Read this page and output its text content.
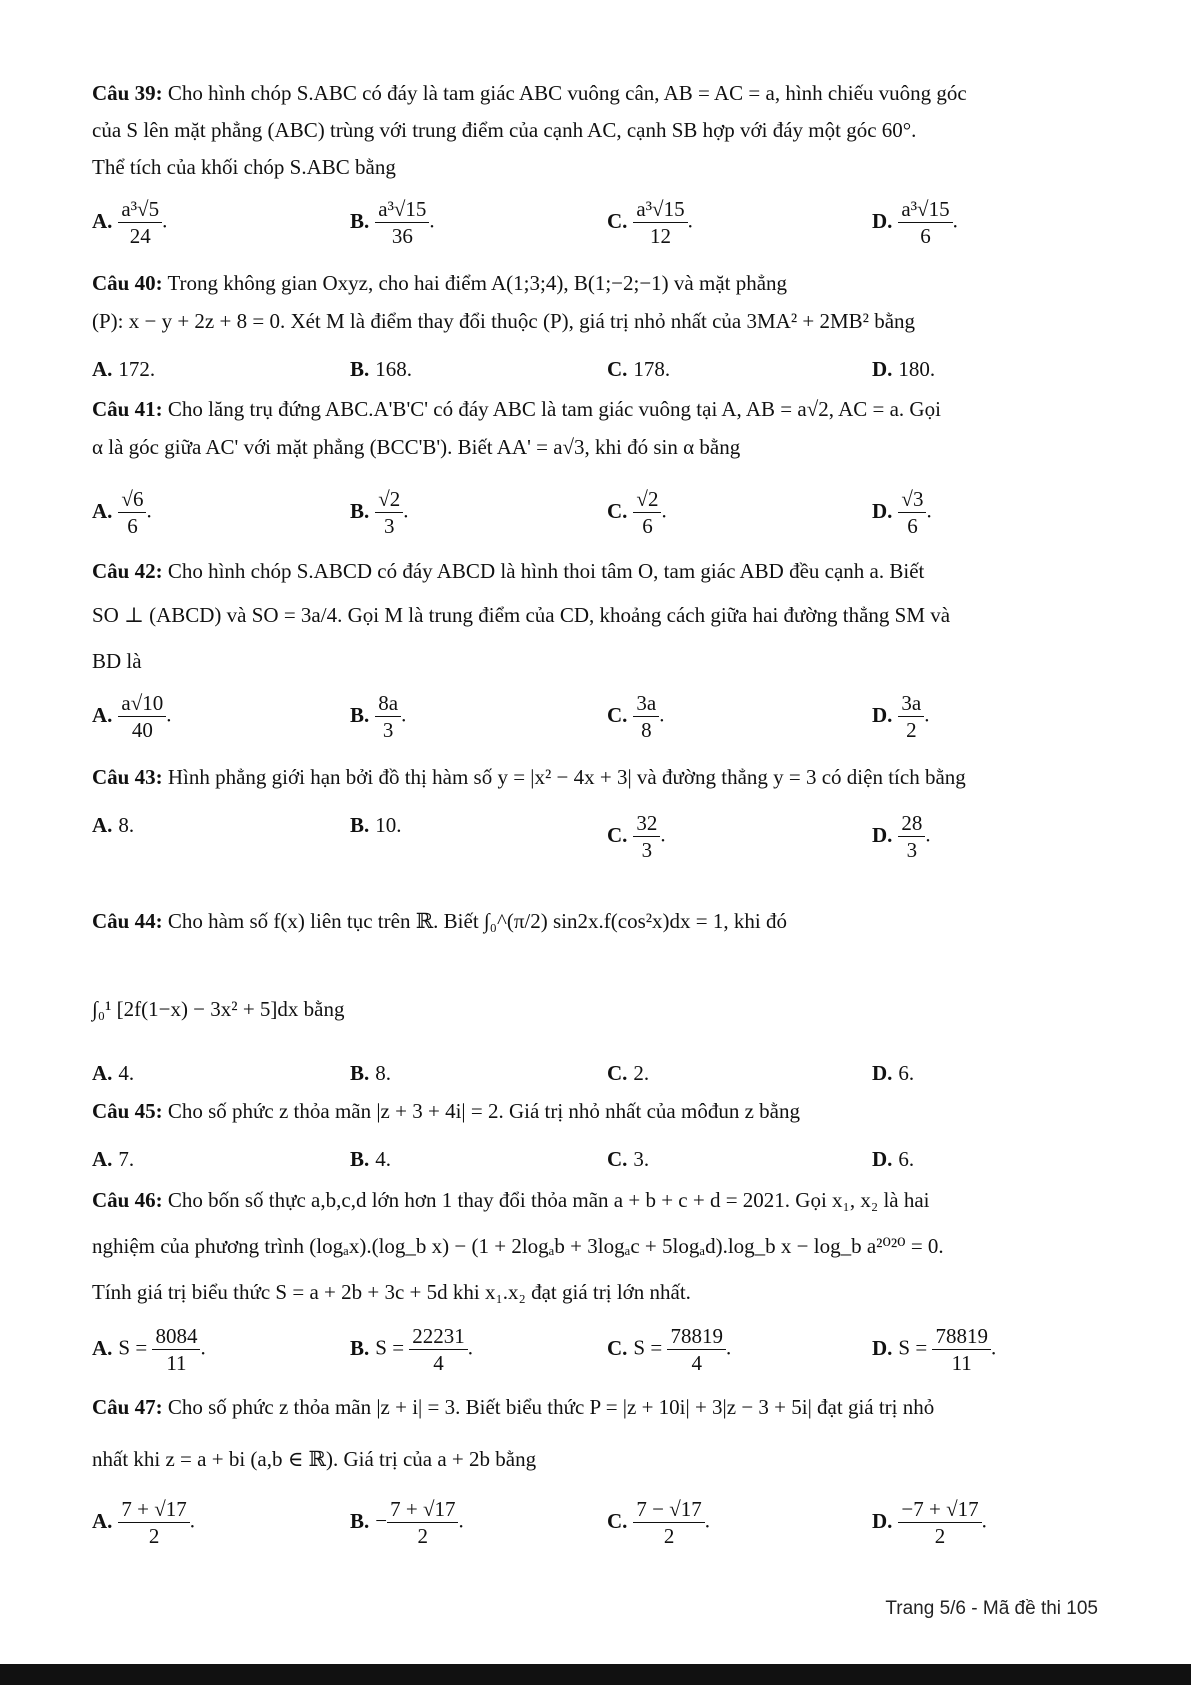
Câu 39: Cho hình chóp S.ABC có đáy là tam giác ABC vuông cân, AB = AC = a, hình chiếu vuông góc
của S lên mặt phẳng (ABC) trùng với trung điểm của cạnh AC, cạnh SB hợp với đáy một góc 60°.
Thể tích của khối chóp S.ABC bằng
A. $\frac{\text{a³√5}}{24}$ .	B. $\frac{\text{a³√15}}{36}$ .	C. $\frac{\text{a³√15}}{12}$ .	D. $\frac{\text{a³√15}}{6}$ .
Câu 40: Trong không gian Oxyz, cho hai điểm A(1;3;4), B(1;−2;−1) và mặt phẳng
(P): x − y + 2z + 8 = 0. Xét M là điểm thay đổi thuộc (P), giá trị nhỏ nhất của 3MA² + 2MB² bằng
A. 172.	B. 168.	C. 178.	D. 180.
Câu 41: Cho lăng trụ đứng ABC.A'B'C' có đáy ABC là tam giác vuông tại A, AB = a√2, AC = a. Gọi
α là góc giữa AC' với mặt phẳng (BCC'B'). Biết AA' = a√3, khi đó sin α bằng
A. $\frac{√6}{6}$ .	B. $\frac{√2}{3}$ .	C. $\frac{√2}{6}$ .	D. $\frac{√3}{6}$ .
Câu 42: Cho hình chóp S.ABCD có đáy ABCD là hình thoi tâm O, tam giác ABD đều cạnh a. Biết
SO ⊥ (ABCD) và SO = 3a/4. Gọi M là trung điểm của CD, khoảng cách giữa hai đường thẳng SM và
BD là
A. $\frac{a√10}{40}$ .	B. $\frac{8a}{3}$ .	C. $\frac{3a}{8}$ .	D. $\frac{3a}{2}$ .
Câu 43: Hình phẳng giới hạn bởi đồ thị hàm số y = |x² − 4x + 3| và đường thẳng y = 3 có diện tích bằng
A. 8.	B. 10.	C. $\frac{32}{3}$ .	D. $\frac{28}{3}$ .
Câu 44: Cho hàm số f(x) liên tục trên ℝ. Biết ∫₀^(π/2) sin2x.f(cos²x)dx = 1, khi đó
∫₀¹ [2f(1−x) − 3x² + 5]dx bằng
A. 4.	B. 8.	C. 2.	D. 6.
Câu 45: Cho số phức z thỏa mãn |z + 3 + 4i| = 2. Giá trị nhỏ nhất của môđun z bằng
A. 7.	B. 4.	C. 3.	D. 6.
Câu 46: Cho bốn số thực a,b,c,d lớn hơn 1 thay đổi thỏa mãn a + b + c + d = 2021. Gọi x₁, x₂ là hai
nghiệm của phương trình (logₐx).(log_b x) − (1 + 2logₐb + 3logₐc + 5logₐd).log_b x − log_b a²⁰²⁰ = 0.
Tính giá trị biểu thức S = a + 2b + 3c + 5d khi x₁.x₂ đạt giá trị lớn nhất.
A. $S = \frac{8084}{11}$ .	B. $S = \frac{22231}{4}$ .	C. $S = \frac{78819}{4}$ .	D. $S = \frac{78819}{11}$ .
Câu 47: Cho số phức z thỏa mãn |z + i| = 3. Biết biểu thức P = |z + 10i| + 3|z − 3 + 5i| đạt giá trị nhỏ
nhất khi z = a + bi (a,b ∈ ℝ). Giá trị của a + 2b bằng
A. $\frac{7 + √17}{2}$ .	B. − $\frac{7 + √17}{2}$ .	C. $\frac{7 - √17}{2}$ .	D. $\frac{-7 + √17}{2}$ .
Trang 5/6 - Mã đề thi 105
